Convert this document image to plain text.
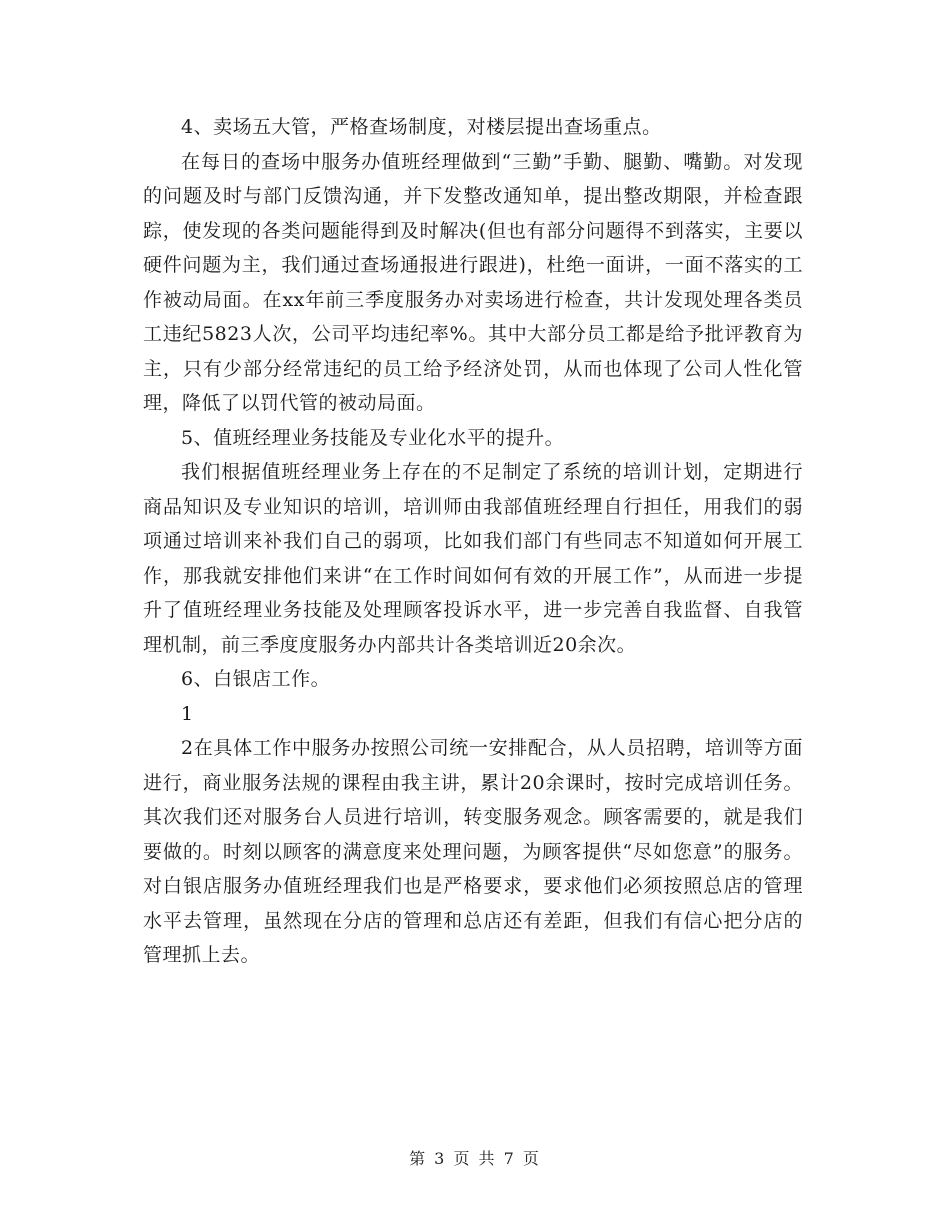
4、卖场五大管，严格查场制度，对楼层提出查场重点。

在每日的查场中服务办值班经理做到“三勤”手勤、腿勤、嘴勤。对发现的问题及时与部门反馈沟通，并下发整改通知单，提出整改期限，并检查跟踪，使发现的各类问题能得到及时解决(但也有部分问题得不到落实，主要以硬件问题为主，我们通过查场通报进行跟进)，杜绝一面讲，一面不落实的工作被动局面。在xx年前三季度服务办对卖场进行检查，共计发现处理各类员工违纪5823人次，公司平均违纪率%。其中大部分员工都是给予批评教育为主，只有少部分经常违纪的员工给予经济处罚，从而也体现了公司人性化管理，降低了以罚代管的被动局面。

5、值班经理业务技能及专业化水平的提升。

我们根据值班经理业务上存在的不足制定了系统的培训计划，定期进行商品知识及专业知识的培训，培训师由我部值班经理自行担任，用我们的弱项通过培训来补我们自己的弱项，比如我们部门有些同志不知道如何开展工作，那我就安排他们来讲“在工作时间如何有效的开展工作”，从而进一步提升了值班经理业务技能及处理顾客投诉水平，进一步完善自我监督、自我管理机制，前三季度度服务办内部共计各类培训近20余次。

6、白银店工作。

1

2在具体工作中服务办按照公司统一安排配合，从人员招聘，培训等方面进行，商业服务法规的课程由我主讲，累计20余课时，按时完成培训任务。其次我们还对服务台人员进行培训，转变服务观念。顾客需要的，就是我们要做的。时刻以顾客的满意度来处理问题，为顾客提供“尽如您意”的服务。对白银店服务办值班经理我们也是严格要求，要求他们必须按照总店的管理水平去管理，虽然现在分店的管理和总店还有差距，但我们有信心把分店的管理抓上去。

第 3 页 共 7 页
